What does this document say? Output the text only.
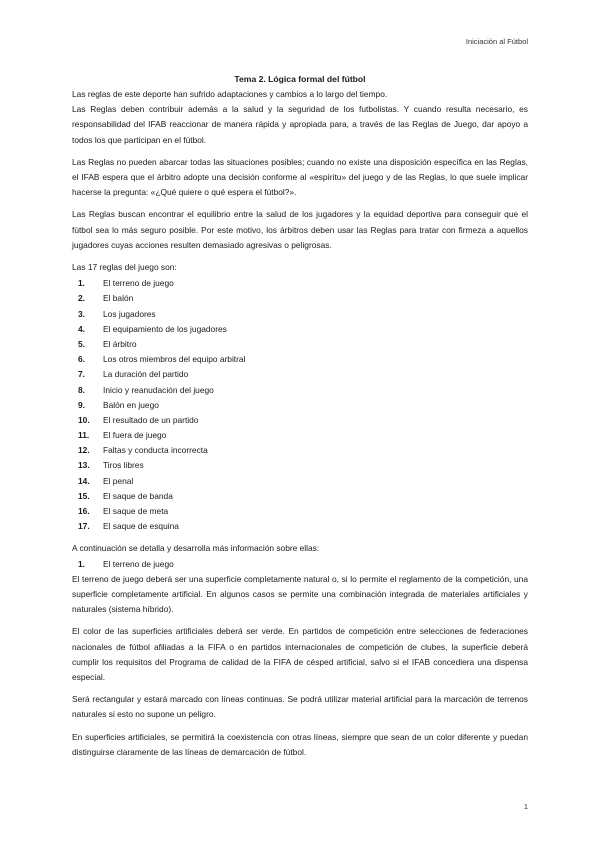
Iniciación al Fútbol
Tema 2. Lógica formal del fútbol

Las reglas de este deporte han sufrido adaptaciones y cambios a lo largo del tiempo.

Las Reglas deben contribuir además a la salud y la seguridad de los futbolistas. Y cuando resulta necesario, es responsabilidad del IFAB reaccionar de manera rápida y apropiada para, a través de las Reglas de Juego, dar apoyo a todos los que participan en el fútbol.

Las Reglas no pueden abarcar todas las situaciones posibles; cuando no existe una disposición específica en las Reglas, el IFAB espera que el árbitro adopte una decisión conforme al «espíritu» del juego y de las Reglas, lo que suele implicar hacerse la pregunta: «¿Qué quiere o qué espera el fútbol?».

Las Reglas buscan encontrar el equilibrio entre la salud de los jugadores y la equidad deportiva para conseguir que el fútbol sea lo más seguro posible. Por este motivo, los árbitros deben usar las Reglas para tratar con firmeza a aquellos jugadores cuyas acciones resulten demasiado agresivas o peligrosas.

Las 17 reglas del juego son:

1.	El terreno de juego
2.	El balón
3.	Los jugadores
4.	El equipamiento de los jugadores
5.	El árbitro
6.	Los otros miembros del equipo arbitral
7.	La duración del partido
8.	Inicio y reanudación del juego
9.	Balón en juego
10.	El resultado de un partido
11.	El fuera de juego
12.	Faltas y conducta incorrecta
13.	Tiros libres
14.	El penal
15.	El saque de banda
16.	El saque de meta
17.	El saque de esquina

A continuación se detalla y desarrolla más información sobre ellas:

1.	El terreno de juego

El terreno de juego deberá ser una superficie completamente natural o, si lo permite el reglamento de la competición, una superficie completamente artificial. En algunos casos se permite una combinación integrada de materiales artificiales y naturales (sistema híbrido).

El color de las superficies artificiales deberá ser verde. En partidos de competición entre selecciones de federaciones nacionales de fútbol afiliadas a la FIFA o en partidos internacionales de competición de clubes, la superficie deberá cumplir los requisitos del Programa de calidad de la FIFA de césped artificial, salvo si el IFAB concediera una dispensa especial.

Será rectangular y estará marcado con líneas continuas. Se podrá utilizar material artificial para la marcación de terrenos naturales si esto no supone un peligro.

En superficies artificiales, se permitirá la coexistencia con otras líneas, siempre que sean de un color diferente y puedan distinguirse claramente de las líneas de demarcación de fútbol.

1
